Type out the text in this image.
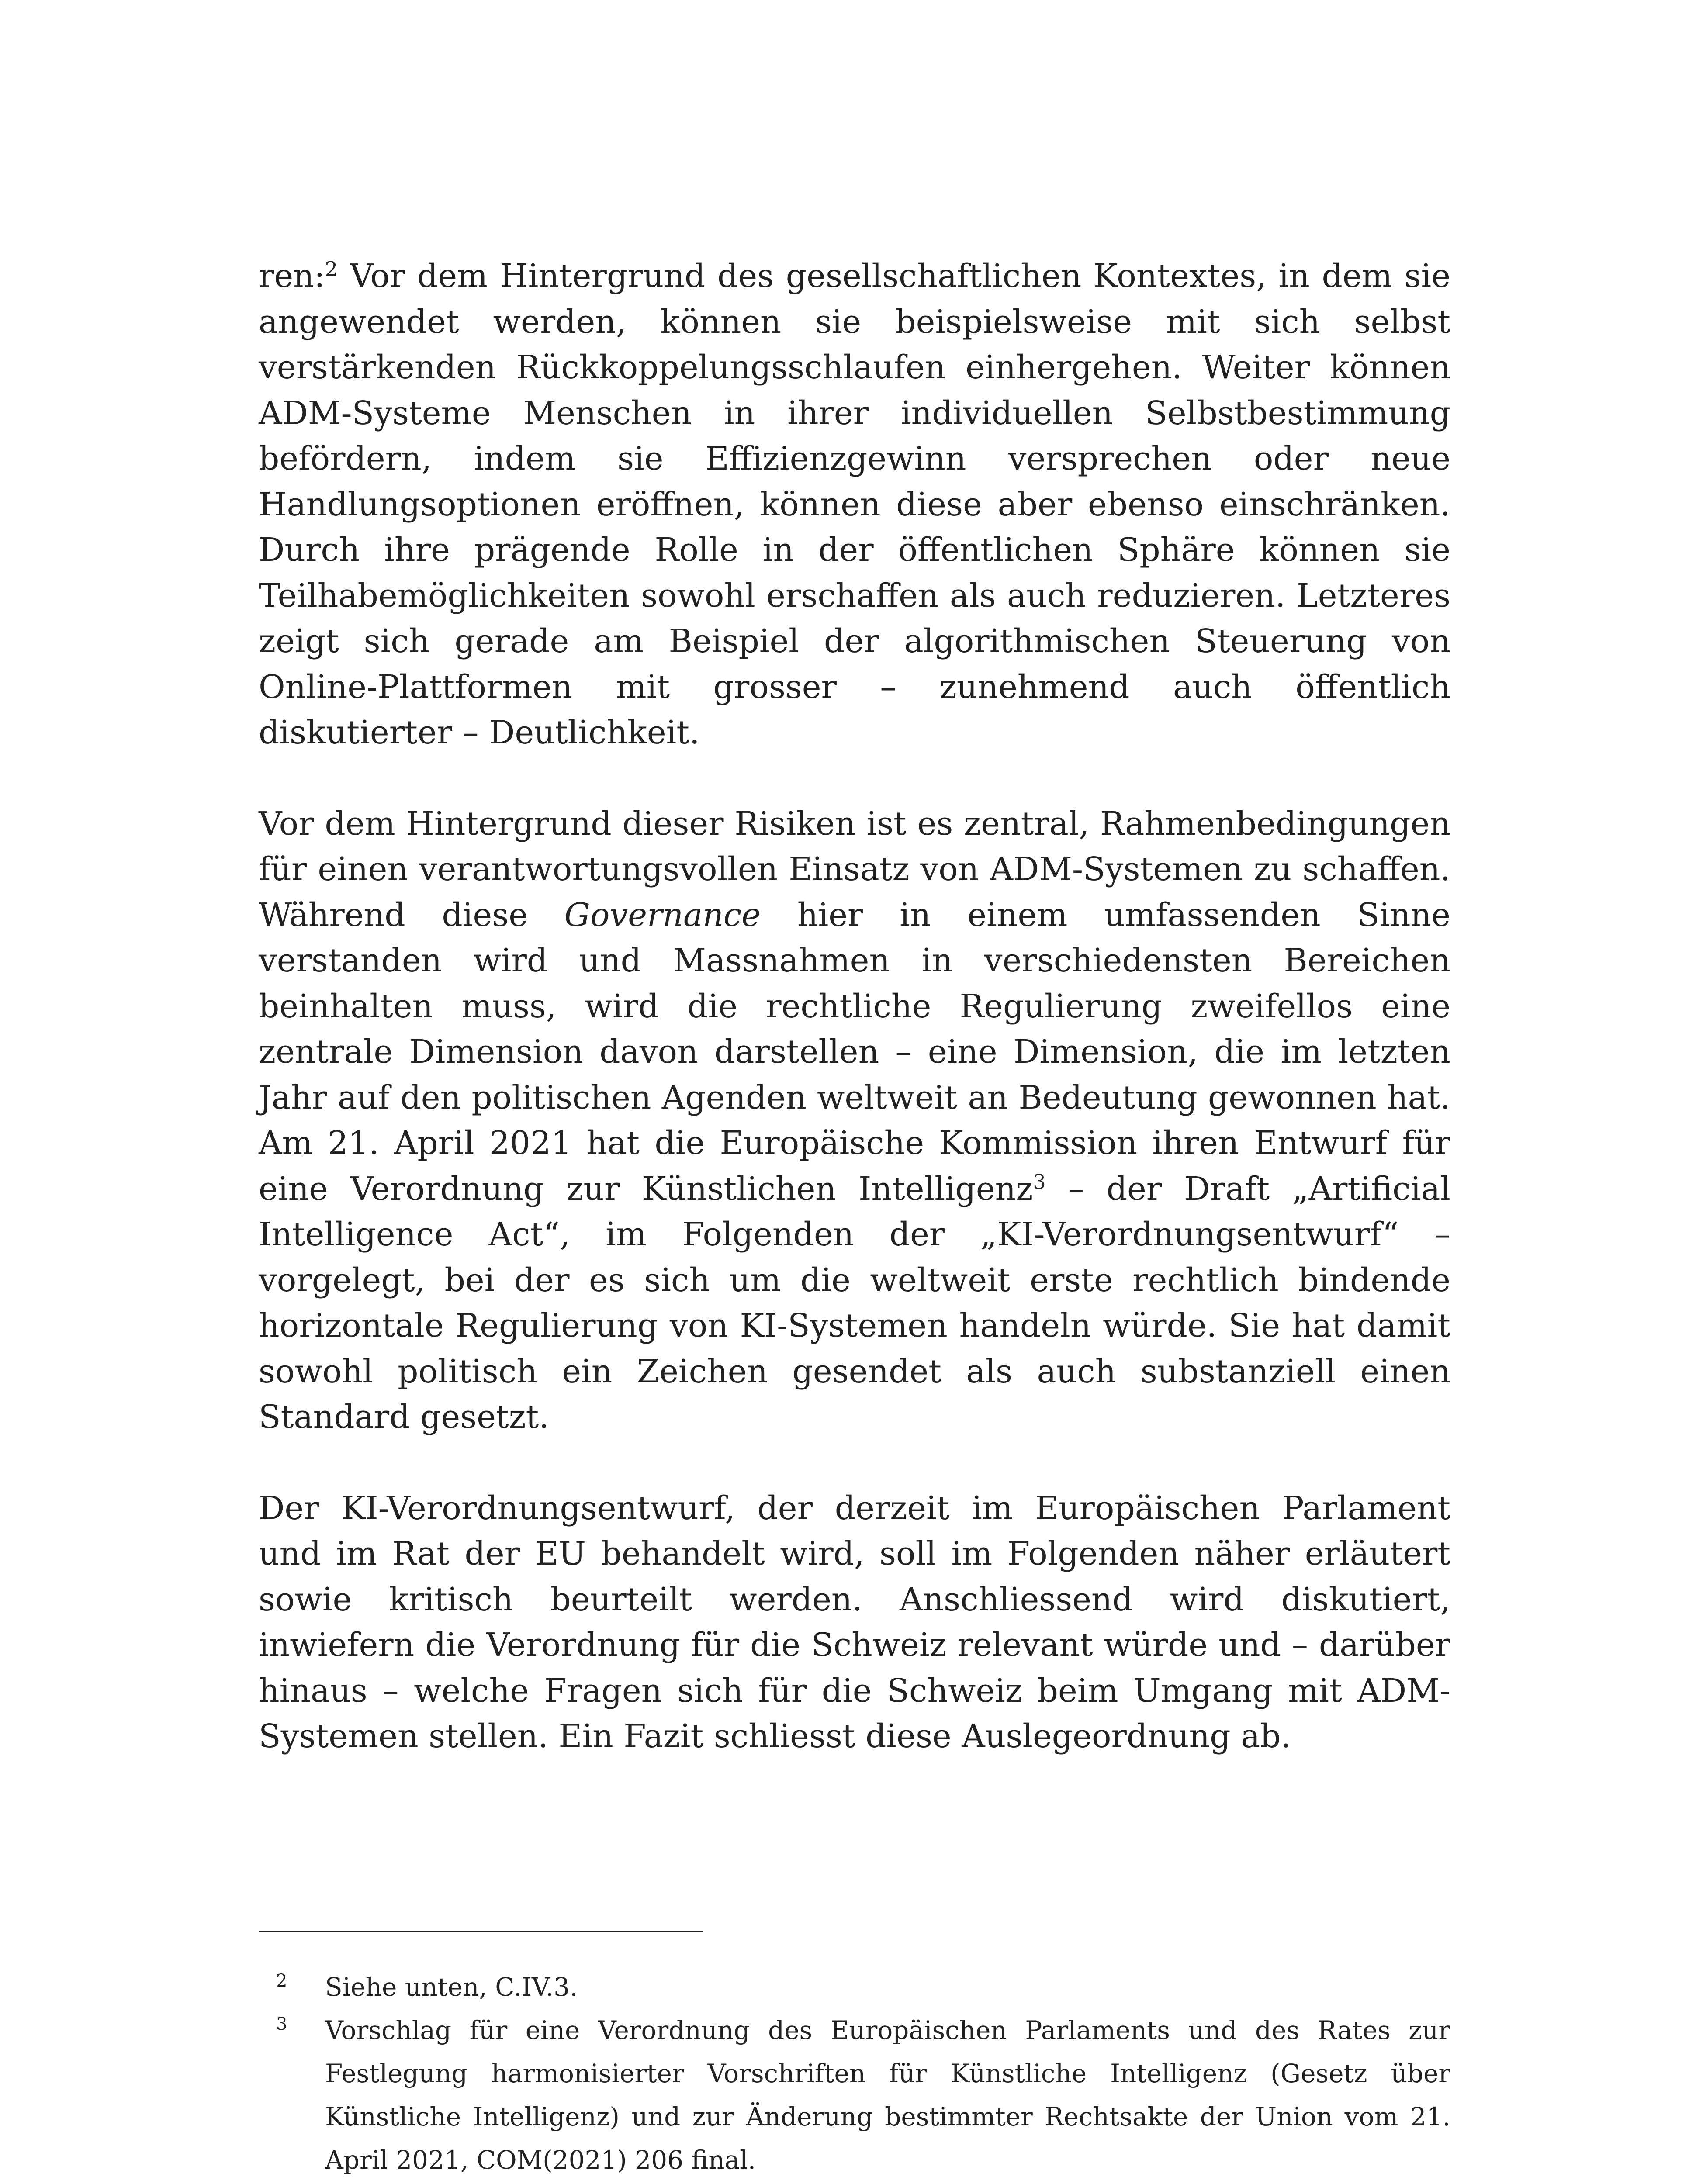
ren:$^2$ Vor dem Hintergrund des gesellschaftlichen Kontextes, in dem sie angewendet werden, können sie beispielsweise mit sich selbst verstärkenden Rückkoppelungsschlaufen einhergehen. Weiter können ADM-Systeme Menschen in ihrer individuellen Selbstbestimmung befördern, indem sie Effizienzgewinn versprechen oder neue Handlungsoptionen eröffnen, können diese aber ebenso einschränken. Durch ihre prägende Rolle in der öffentlichen Sphäre können sie Teilhabemöglichkeiten sowohl erschaffen als auch reduzieren. Letzteres zeigt sich gerade am Beispiel der algorithmischen Steuerung von Online-Plattformen mit grosser – zunehmend auch öffentlich diskutierter – Deutlichkeit.

Vor dem Hintergrund dieser Risiken ist es zentral, Rahmenbedingungen für einen verantwortungsvollen Einsatz von ADM-Systemen zu schaffen. Während diese Governance hier in einem umfassenden Sinne verstanden wird und Massnahmen in verschiedensten Bereichen beinhalten muss, wird die rechtliche Regulierung zweifellos eine zentrale Dimension davon darstellen – eine Dimension, die im letzten Jahr auf den politischen Agenden weltweit an Bedeutung gewonnen hat. Am 21. April 2021 hat die Europäische Kommission ihren Entwurf für eine Verordnung zur Künstlichen Intelligenz$^3$ – der Draft „Artificial Intelligence Act“, im Folgenden der „KI-Verordnungsentwurf“ – vorgelegt, bei der es sich um die weltweit erste rechtlich bindende horizontale Regulierung von KI-Systemen handeln würde. Sie hat damit sowohl politisch ein Zeichen gesendet als auch substanziell einen Standard gesetzt.

Der KI-Verordnungsentwurf, der derzeit im Europäischen Parlament und im Rat der EU behandelt wird, soll im Folgenden näher erläutert sowie kritisch beurteilt werden. Anschliessend wird diskutiert, inwiefern die Verordnung für die Schweiz relevant würde und – darüber hinaus – welche Fragen sich für die Schweiz beim Umgang mit ADM-Systemen stellen. Ein Fazit schliesst diese Auslegeordnung ab.

2	Siehe unten, C.IV.3.
3	Vorschlag für eine Verordnung des Europäischen Parlaments und des Rates zur Festlegung harmonisierter Vorschriften für Künstliche Intelligenz (Gesetz über Künstliche Intelligenz) und zur Änderung bestimmter Rechtsakte der Union vom 21. April 2021, COM(2021) 206 final.
